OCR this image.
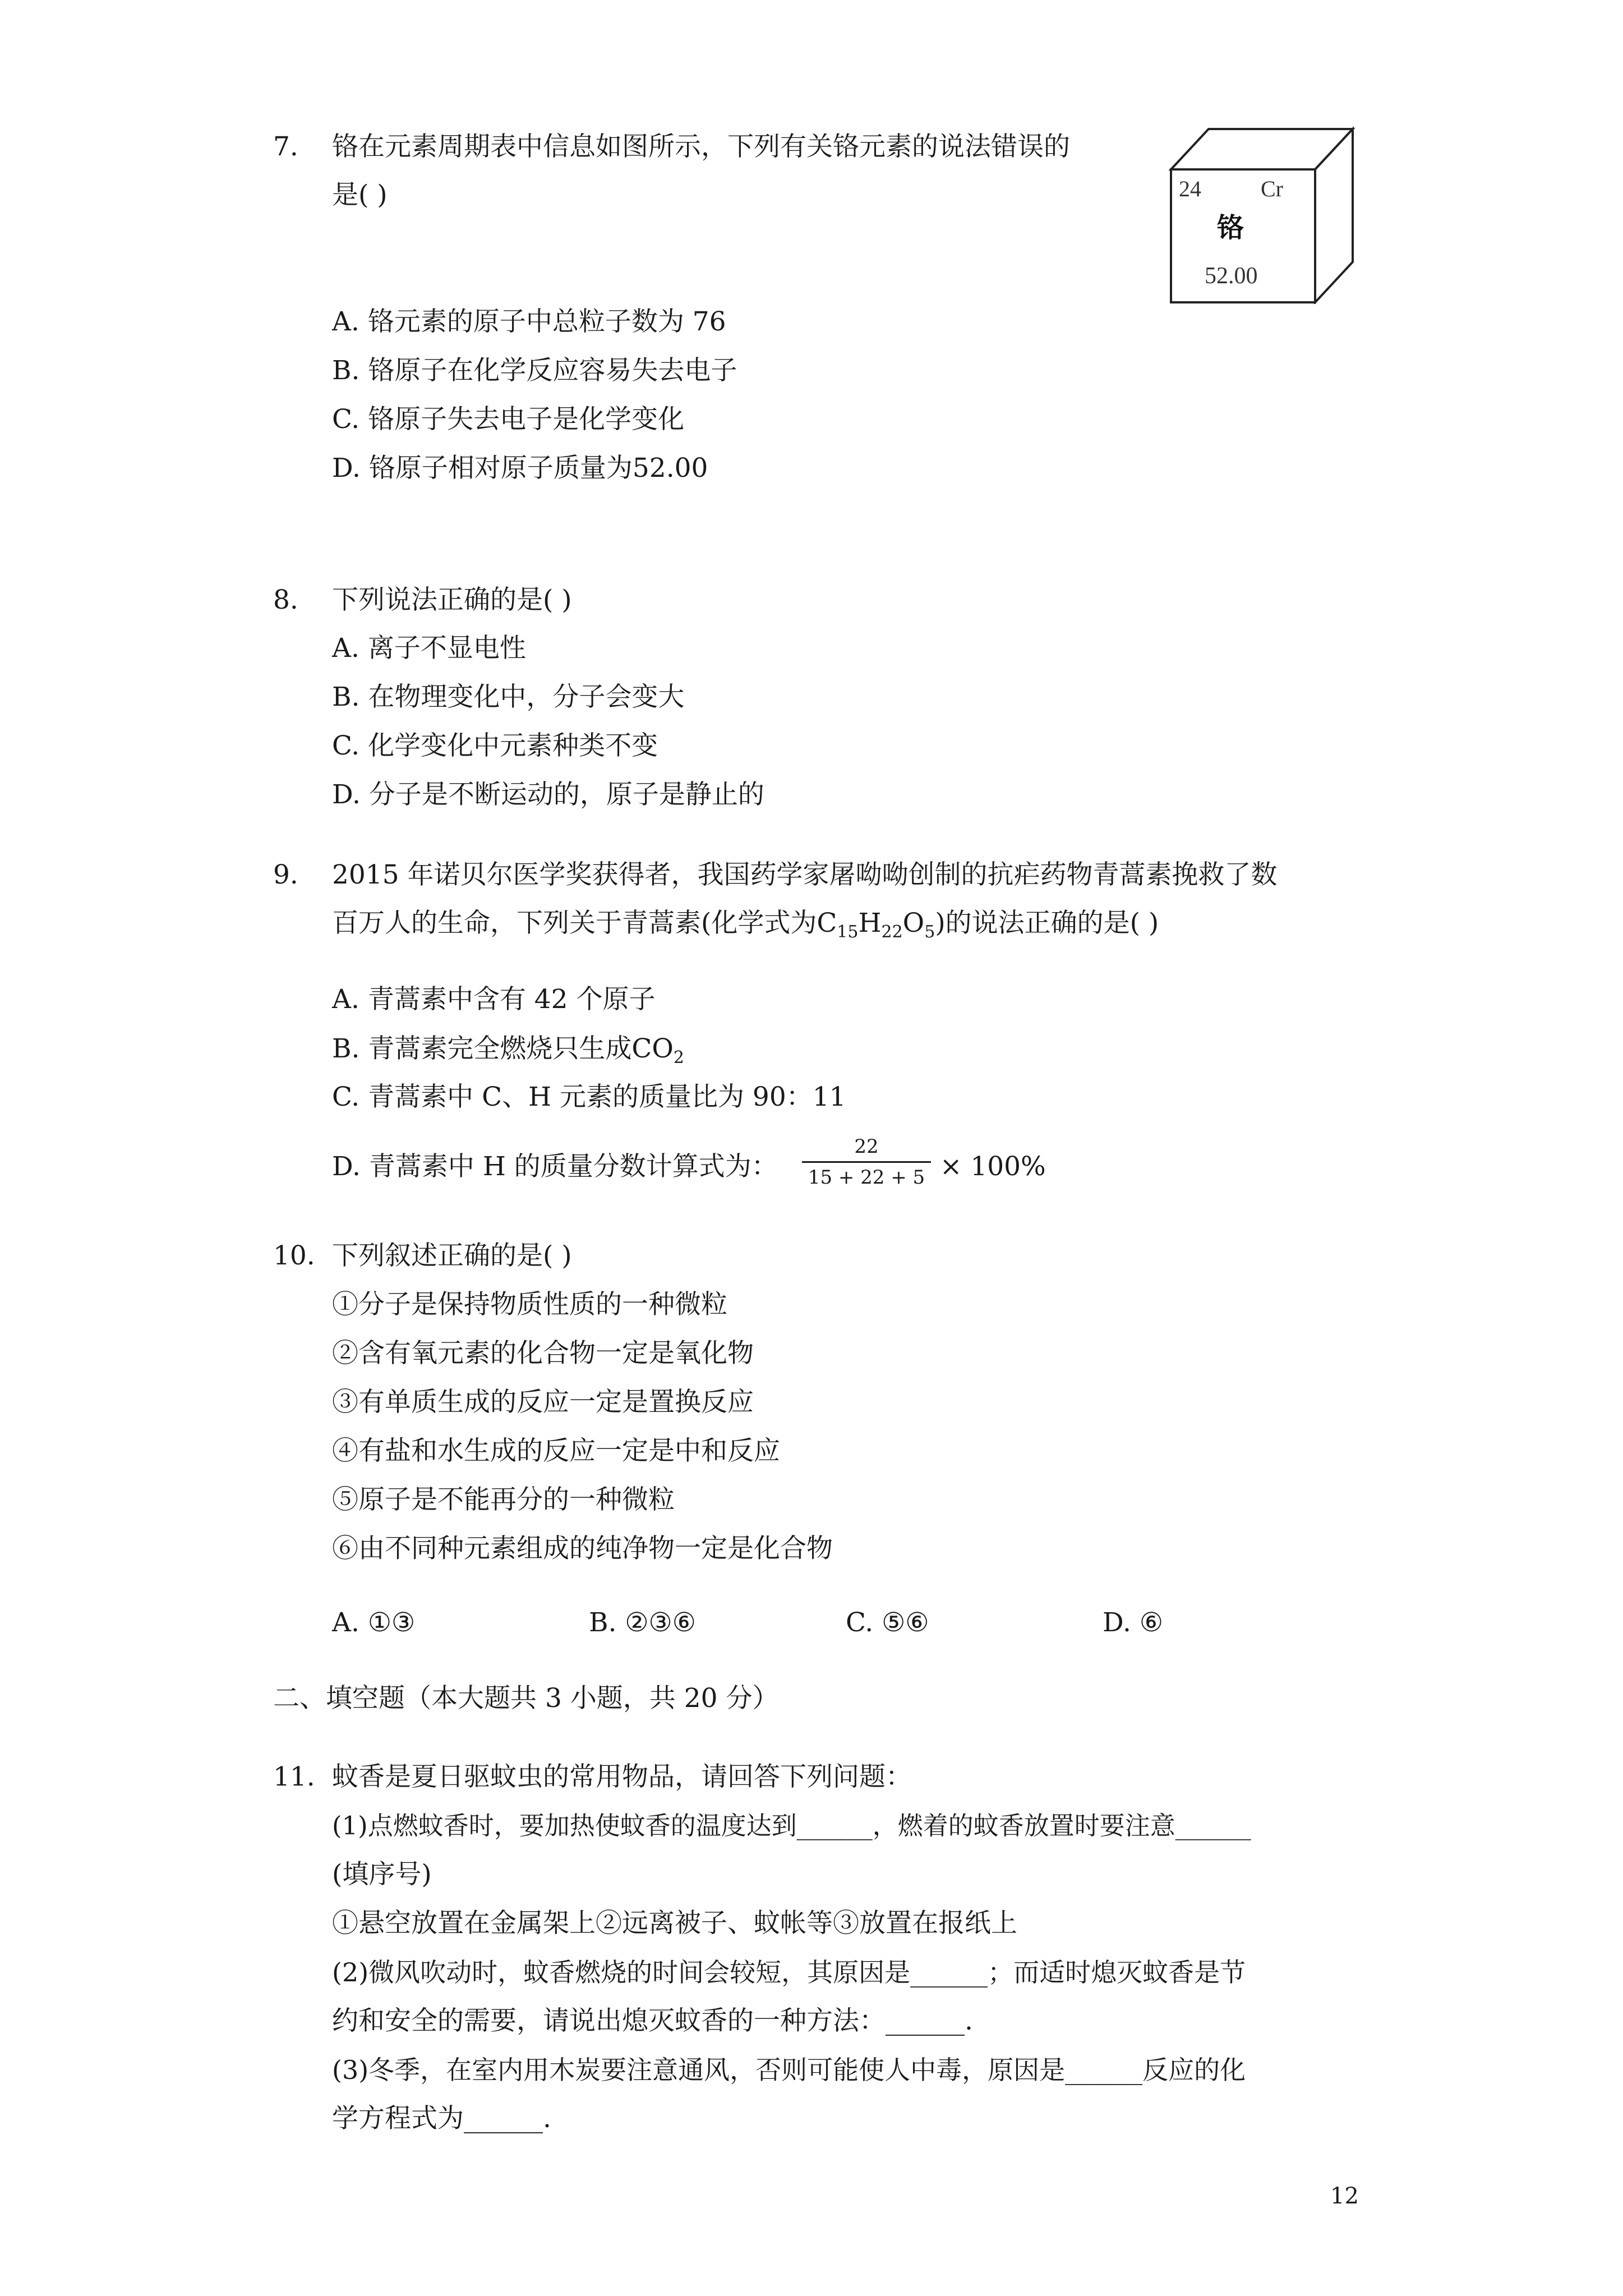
7. 铬在元素周期表中信息如图所示，下列有关铬元素的说法错误的
是( )	24	Cr
铬
52.00
A. 铬元素的原子中总粒子数为 76
B. 铬原子在化学反应容易失去电子
C. 铬原子失去电子是化学变化
D. 铬原子相对原子质量为52.00
8. 下列说法正确的是( )
A. 离子不显电性
B. 在物理变化中，分子会变大
C. 化学变化中元素种类不变
D. 分子是不断运动的，原子是静止的
9. 2015 年诺贝尔医学奖获得者，我国药学家屠呦呦创制的抗疟药物青蒿素挽救了数
百万人的生命，下列关于青蒿素(化学式为$C_{15}H_{22}O_5$)的说法正确的是( )
A. 青蒿素中含有 42 个原子
B. 青蒿素完全燃烧只生成$CO_2$
C. 青蒿素中 C、H 元素的质量比为 90：11
D. 青蒿素中 H 的质量分数计算式为：
22
15 + 22 + 5 × 100%
10. 下列叙述正确的是( )
①分子是保持物质性质的一种微粒
②含有氧元素的化合物一定是氧化物
③有单质生成的反应一定是置换反应
④有盐和水生成的反应一定是中和反应
⑤原子是不能再分的一种微粒
⑥由不同种元素组成的纯净物一定是化合物
A. ①③	B. ②③⑥	C. ⑤⑥	D. ⑥
二、填空题（本大题共 3 小题，共 20 分）
11. 蚊香是夏日驱蚊虫的常用物品，请回答下列问题：
(1)点燃蚊香时，要加热使蚊香的温度达到______，燃着的蚊香放置时要注意______
(填序号)
①悬空放置在金属架上②远离被子、蚊帐等③放置在报纸上
(2)微风吹动时，蚊香燃烧的时间会较短，其原因是______；而适时熄灭蚊香是节
约和安全的需要，请说出熄灭蚊香的一种方法：______.
(3)冬季，在室内用木炭要注意通风，否则可能使人中毒，原因是______反应的化
学方程式为______.
12
